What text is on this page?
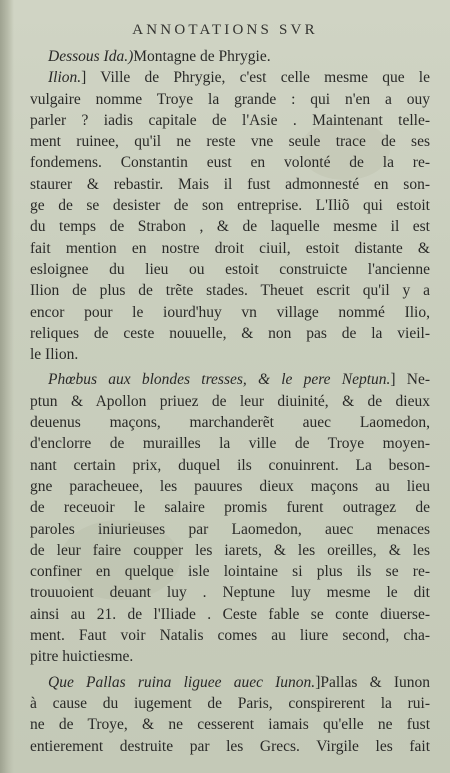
ANNOTATIONS SVR
Dessous Ida.)Montagne de Phrygie.
Ilion.] Ville de Phrygie, c'est celle mesme que le
vulgaire nomme Troye la grande : qui n'en a ouy
parler ? iadis capitale de l'Asie . Maintenant telle-
ment ruinee, qu'il ne reste vne seule trace de ses
fondemens. Constantin eust en volonté de la re-
staurer & rebastir. Mais il fust admonnesté en son-
ge de se desister de son entreprise. L'Iliõ qui estoit
du temps de Strabon , & de laquelle mesme il est
fait mention en nostre droit ciuil, estoit distante &
esloignee du lieu ou estoit construicte l'ancienne
Ilion de plus de trẽte stades. Theuet escrit qu'il y a
encor pour le iourd'huy vn village nommé Ilio,
reliques de ceste nouuelle, & non pas de la vieil-
le Ilion.
Phœbus aux blondes tresses, & le pere Neptun.] Ne-
ptun & Apollon priuez de leur diuinité, & de dieux
deuenus maçons, marchanderẽt auec Laomedon,
d'enclorre de murailles la ville de Troye moyen-
nant certain prix, duquel ils conuinrent. La beson-
gne paracheuee, les pauures dieux maçons au lieu
de receuoir le salaire promis furent outragez de
paroles iniurieuses par Laomedon, auec menaces
de leur faire coupper les iarets, & les oreilles, & les
confiner en quelque isle lointaine si plus ils se re-
trouuoient deuant luy . Neptune luy mesme le dit
ainsi au 21. de l'Iliade . Ceste fable se conte diuerse-
ment. Faut voir Natalis comes au liure second, cha-
pitre huictiesme.
Que Pallas ruina liguee auec Iunon.]Pallas & Iunon
à cause du iugement de Paris, conspirerent la rui-
ne de Troye, & ne cesserent iamais qu'elle ne fust
entierement destruite par les Grecs. Virgile les fait
